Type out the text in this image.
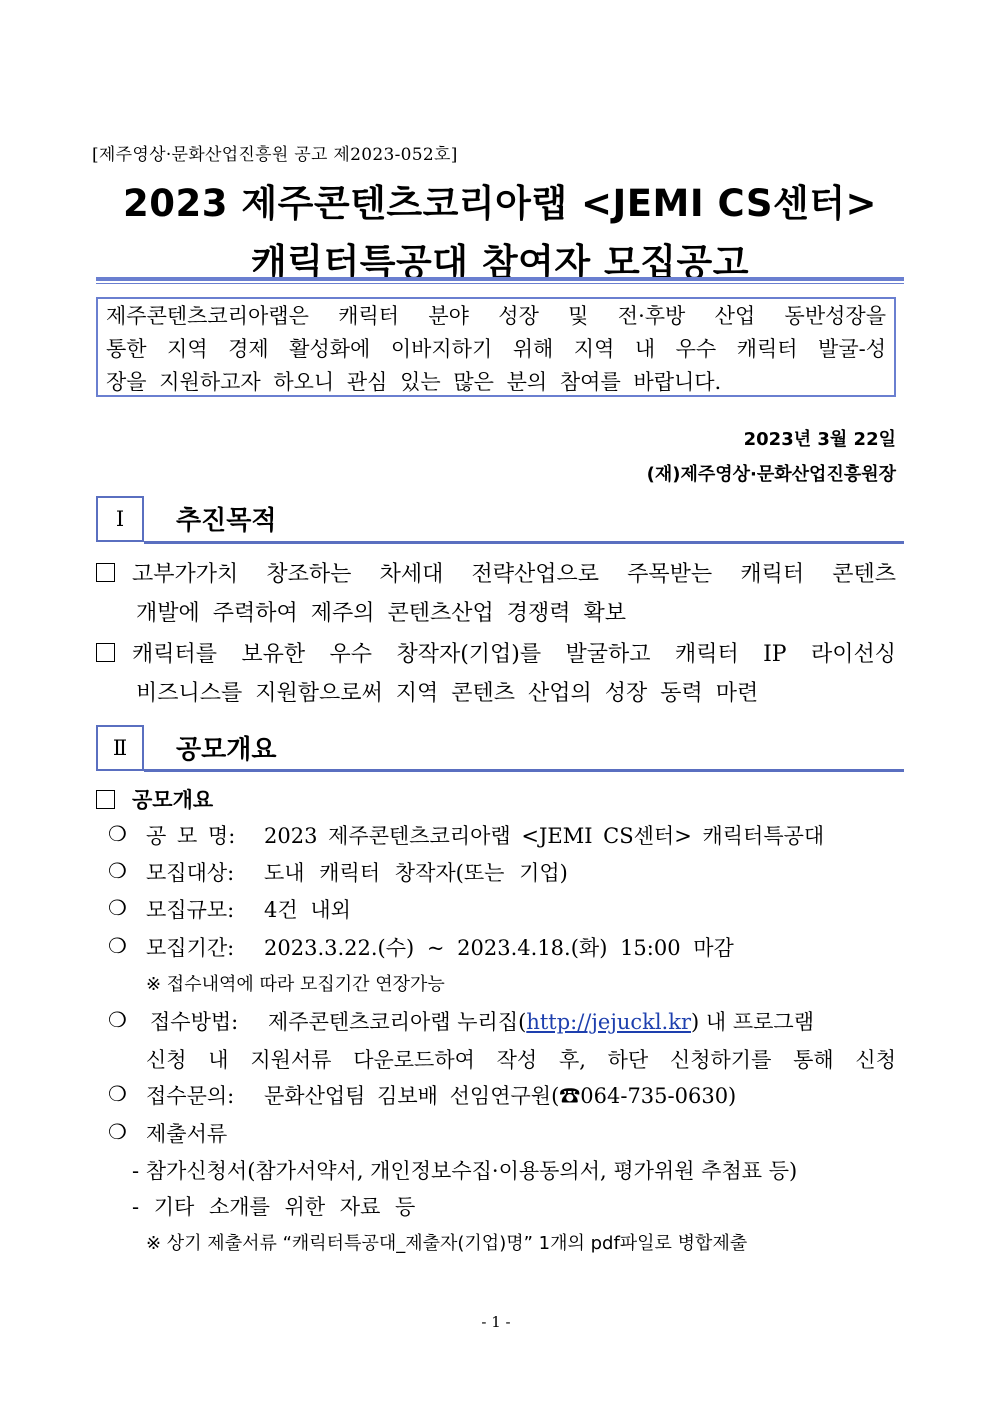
[제주영상·문화산업진흥원 공고 제2023-052호]
2023 제주콘텐츠코리아랩 <JEMI CS센터>
캐릭터특공대 참여자 모집공고
제주콘텐츠코리아랩은 캐릭터 분야 성장 및 전·후방 산업 동반성장을
통한 지역 경제 활성화에 이바지하기 위해 지역 내 우수 캐릭터 발굴-성
장을 지원하고자 하오니 관심 있는 많은 분의 참여를 바랍니다.
2023년 3월 22일
(재)제주영상·문화산업진흥원장
Ⅰ	추진목적
고부가가치 창조하는 차세대 전략산업으로 주목받는 캐릭터 콘텐츠
개발에 주력하여 제주의 콘텐츠산업 경쟁력 확보
캐릭터를 보유한 우수 창작자(기업)를 발굴하고 캐릭터 IP 라이선싱
비즈니스를 지원함으로써 지역 콘텐츠 산업의 성장 동력 마련
Ⅱ	공모개요
공모개요
❍ 공 모 명: 2023 제주콘텐츠코리아랩 <JEMI CS센터> 캐릭터특공대
❍ 모집대상: 도내 캐릭터 창작자(또는 기업)
❍ 모집규모: 4건 내외
❍ 모집기간: 2023.3.22.(수) ~ 2023.4.18.(화) 15:00 마감
※ 접수내역에 따라 모집기간 연장가능
❍ 접수방법: 제주콘텐츠코리아랩 누리집(http://jejuckl.kr) 내 프로그램
신청 내 지원서류 다운로드하여 작성 후, 하단 신청하기를 통해 신청
❍ 접수문의: 문화산업팀 김보배 선임연구원(☎064-735-0630)
❍ 제출서류
- 참가신청서(참가서약서, 개인정보수집·이용동의서, 평가위원 추첨표 등)
- 기타 소개를 위한 자료 등
※ 상기 제출서류 “캐릭터특공대_제출자(기업)명” 1개의 pdf파일로 병합제출
- 1 -
